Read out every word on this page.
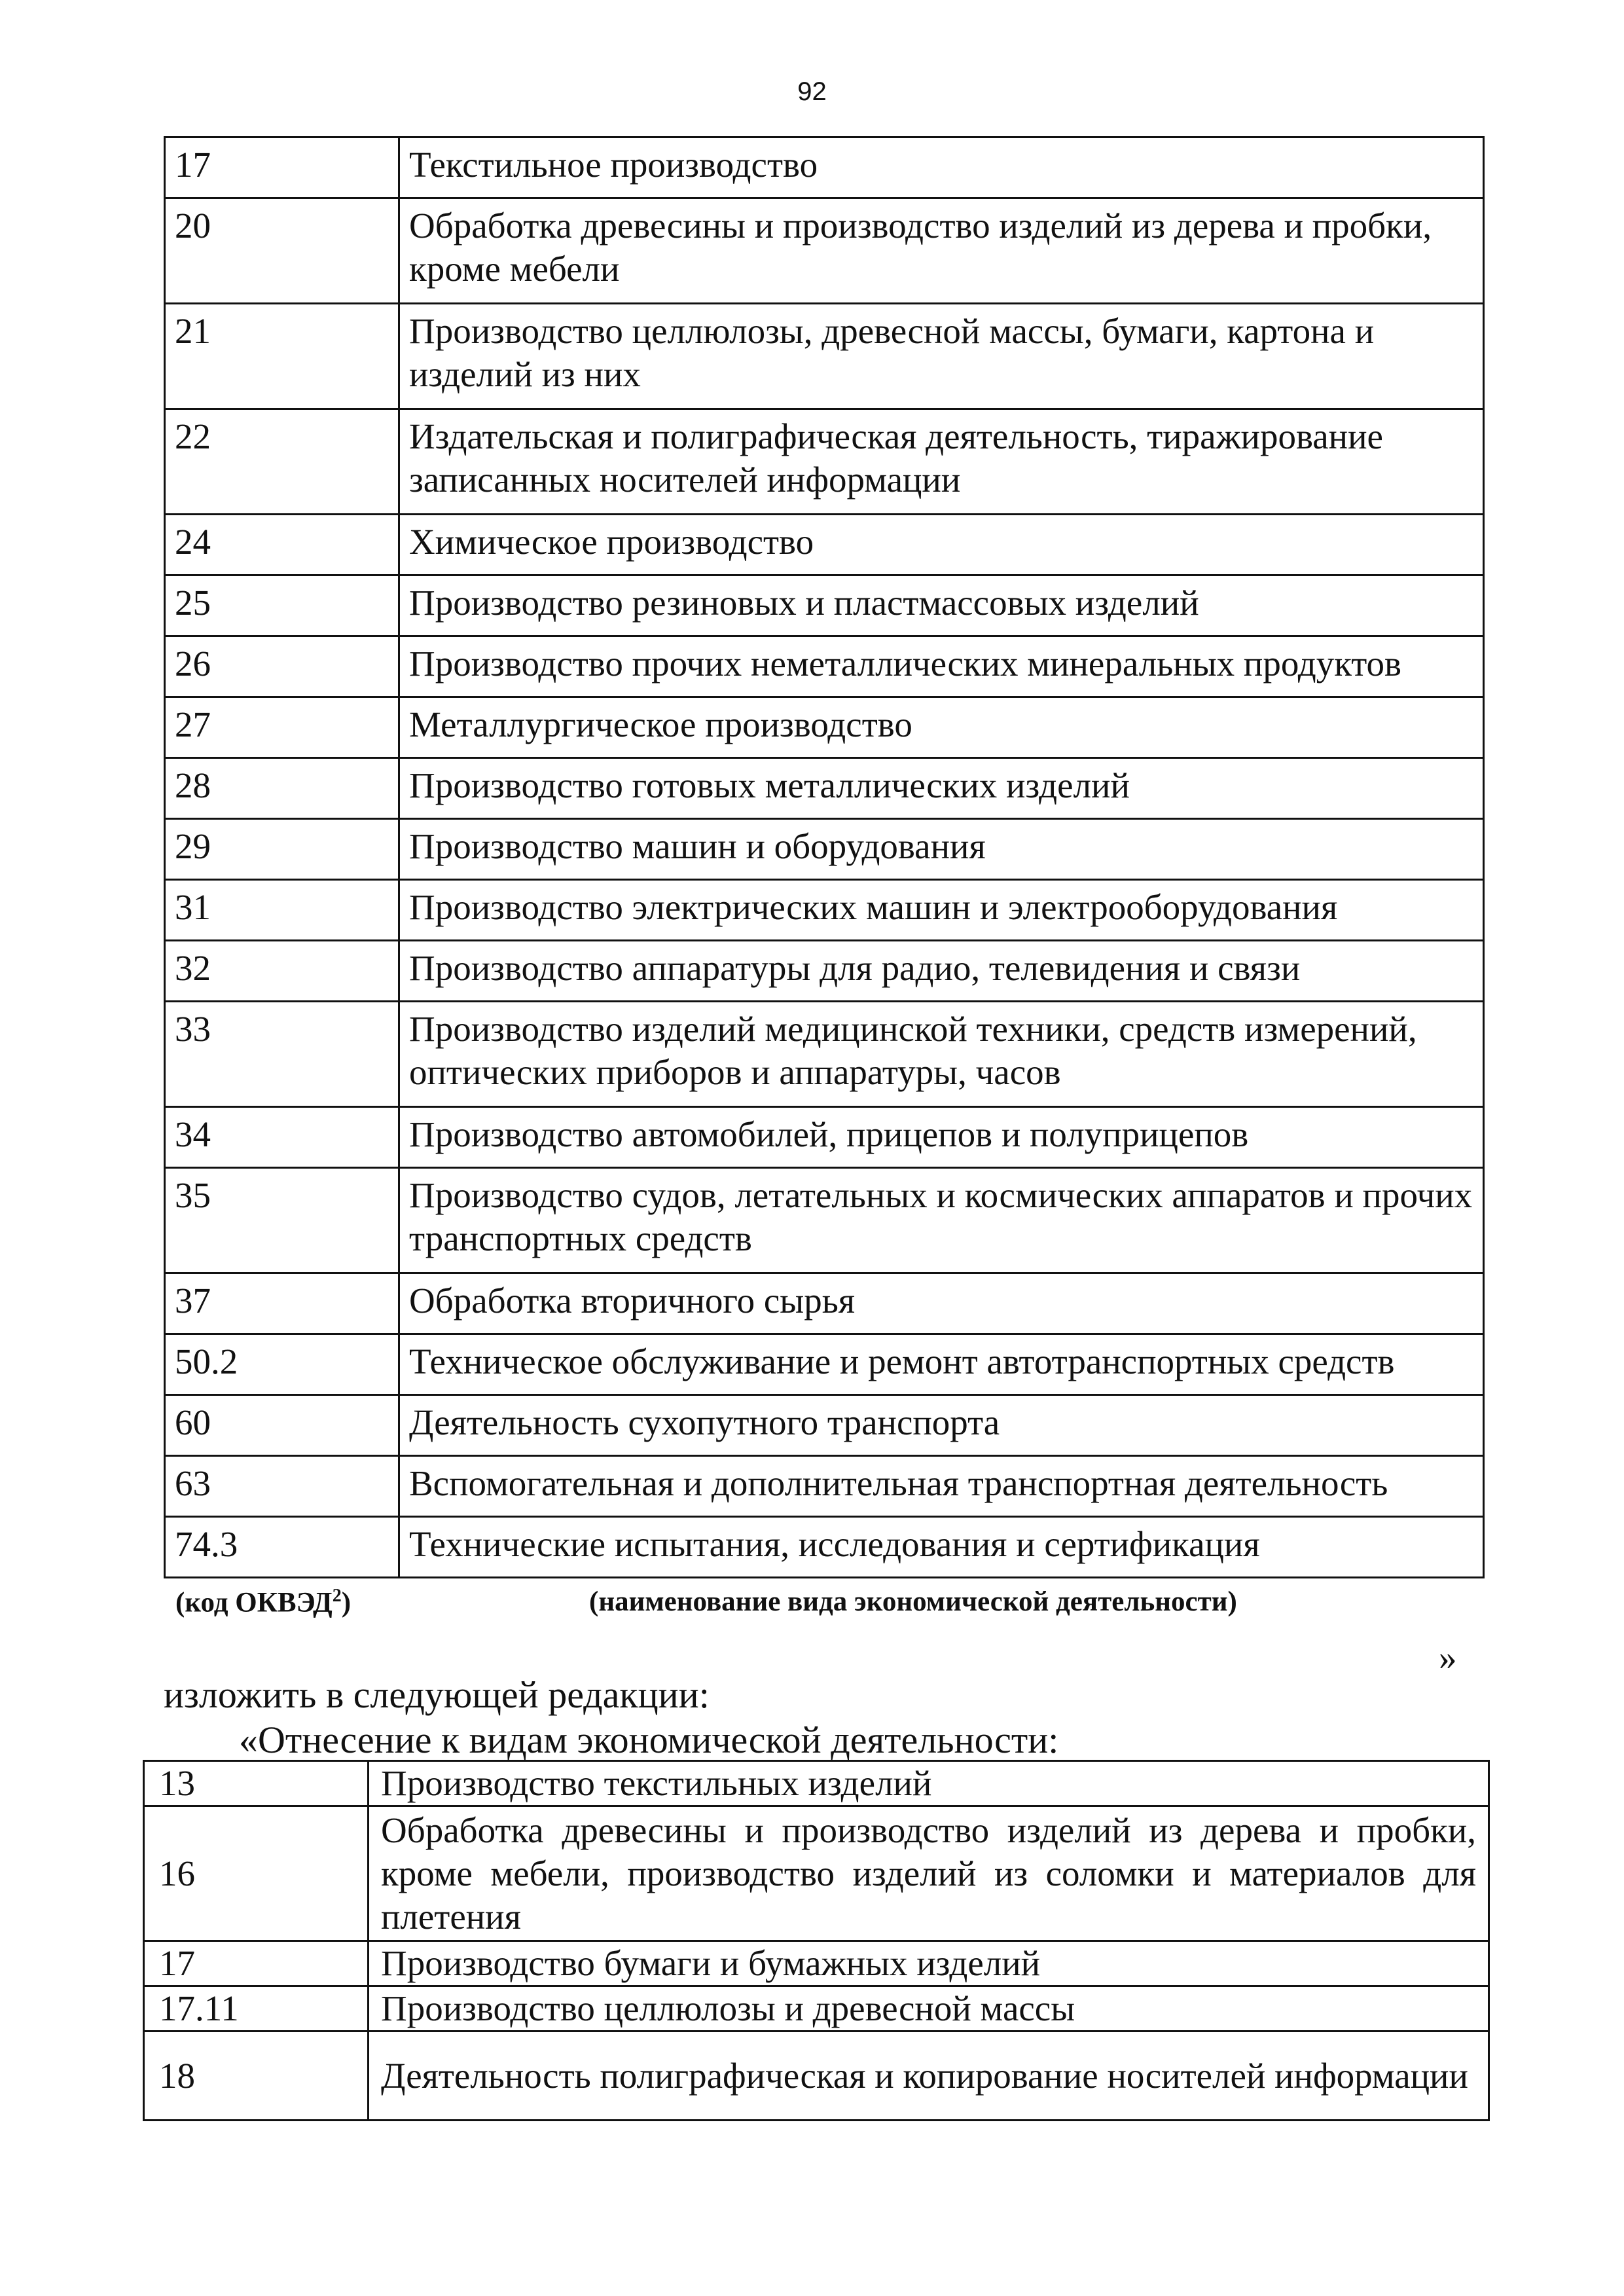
92
17	Текстильное производство
20	Обработка древесины и производство изделий из дерева и пробки, кроме мебели
21	Производство целлюлозы, древесной массы, бумаги, картона и изделий из них
22	Издательская и полиграфическая деятельность, тиражирование записанных носителей информации
24	Химическое производство
25	Производство резиновых и пластмассовых изделий
26	Производство прочих неметаллических минеральных продуктов
27	Металлургическое производство
28	Производство готовых металлических изделий
29	Производство машин и оборудования
31	Производство электрических машин и электрооборудования
32	Производство аппаратуры для радио, телевидения и связи
33	Производство изделий медицинской техники, средств измерений, оптических приборов и аппаратуры, часов
34	Производство автомобилей, прицепов и полуприцепов
35	Производство судов, летательных и космических аппаратов и прочих транспортных средств
37	Обработка вторичного сырья
50.2	Техническое обслуживание и ремонт автотранспортных средств
60	Деятельность сухопутного транспорта
63	Вспомогательная и дополнительная транспортная деятельность
74.3	Технические испытания, исследования и сертификация
(код ОКВЭД$^2$)	(наименование вида экономической деятельности)
»
изложить в следующей редакции:
«Отнесение к видам экономической деятельности:
13	Производство текстильных изделий
16	Обработка древесины и производство изделий из дерева и пробки, кроме мебели, производство изделий из соломки и материалов для плетения
17	Производство бумаги и бумажных изделий
17.11	Производство целлюлозы и древесной массы
18	Деятельность полиграфическая и копирование носителей информации
